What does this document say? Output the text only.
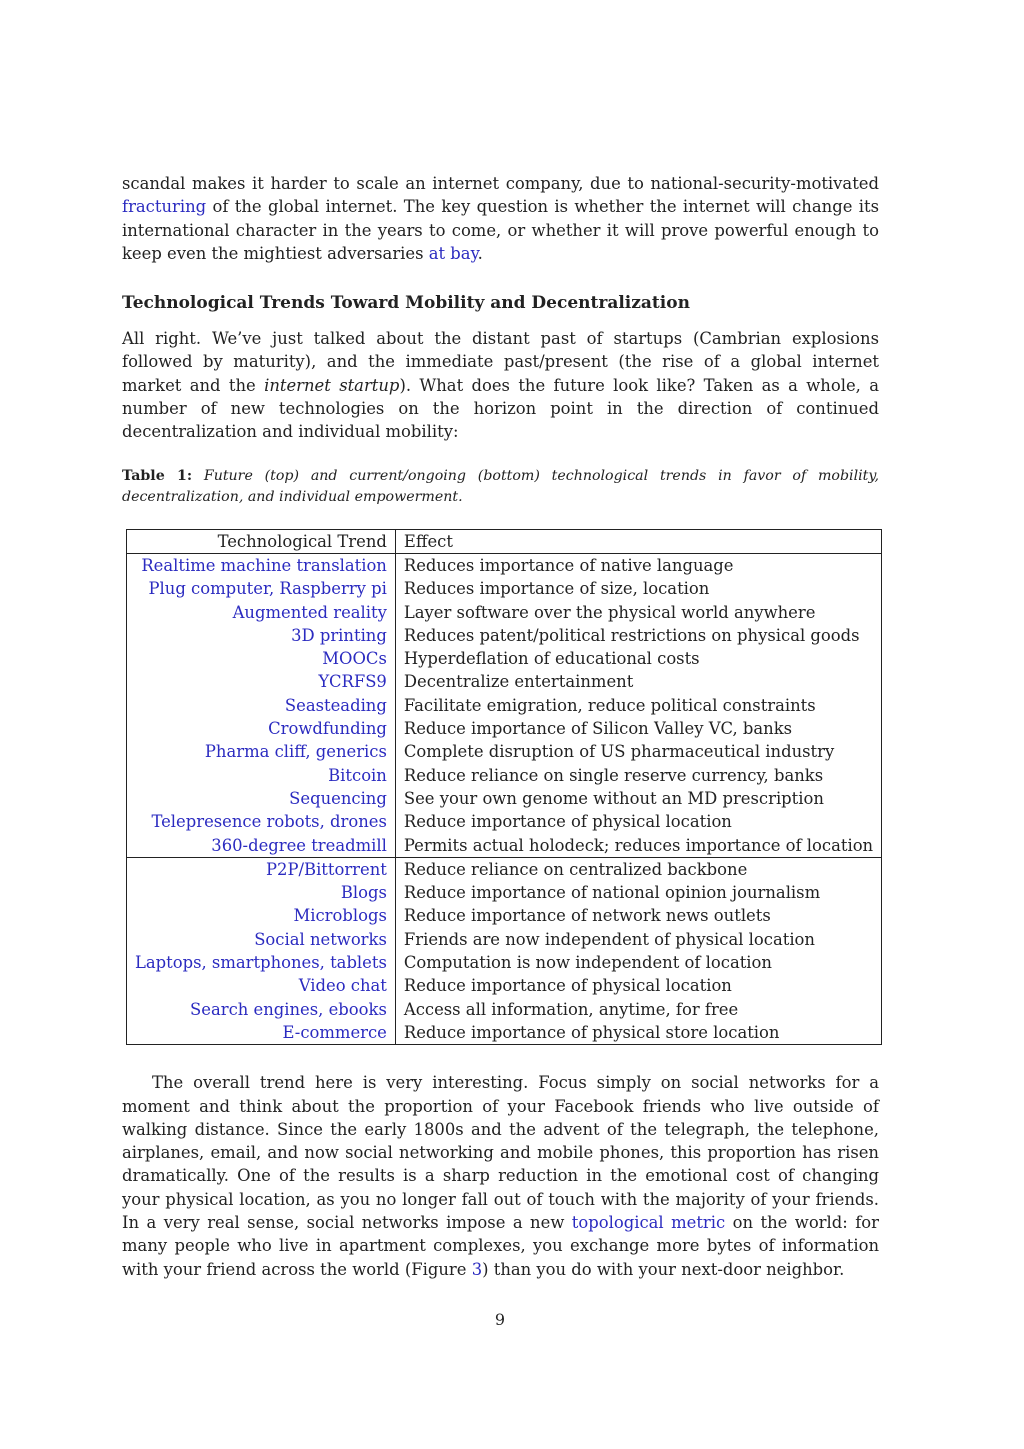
scandal makes it harder to scale an internet company, due to national-security-motivated fracturing of the global internet. The key question is whether the internet will change its international character in the years to come, or whether it will prove powerful enough to keep even the mightiest adversaries at bay.

Technological Trends Toward Mobility and Decentralization

All right. We’ve just talked about the distant past of startups (Cambrian explosions followed by maturity), and the immediate past/present (the rise of a global internet market and the internet startup). What does the future look like? Taken as a whole, a number of new technologies on the horizon point in the direction of continued decentralization and individual mobility:

Table 1: Future (top) and current/ongoing (bottom) technological trends in favor of mobility, decentralization, and individual empowerment.
Technological Trend	Effect
Realtime machine translation	Reduces importance of native language
Plug computer, Raspberry pi	Reduces importance of size, location
Augmented reality	Layer software over the physical world anywhere
3D printing	Reduces patent/political restrictions on physical goods
MOOCs	Hyperdeflation of educational costs
YCRFS9	Decentralize entertainment
Seasteading	Facilitate emigration, reduce political constraints
Crowdfunding	Reduce importance of Silicon Valley VC, banks
Pharma cliff, generics	Complete disruption of US pharmaceutical industry
Bitcoin	Reduce reliance on single reserve currency, banks
Sequencing	See your own genome without an MD prescription
Telepresence robots, drones	Reduce importance of physical location
360-degree treadmill	Permits actual holodeck; reduces importance of location
P2P/Bittorrent	Reduce reliance on centralized backbone
Blogs	Reduce importance of national opinion journalism
Microblogs	Reduce importance of network news outlets
Social networks	Friends are now independent of physical location
Laptops, smartphones, tablets	Computation is now independent of location
Video chat	Reduce importance of physical location
Search engines, ebooks	Access all information, anytime, for free
E-commerce	Reduce importance of physical store location

The overall trend here is very interesting. Focus simply on social networks for a moment and think about the proportion of your Facebook friends who live outside of walking distance. Since the early 1800s and the advent of the telegraph, the telephone, airplanes, email, and now social networking and mobile phones, this proportion has risen dramatically. One of the results is a sharp reduction in the emotional cost of changing your physical location, as you no longer fall out of touch with the majority of your friends. In a very real sense, social networks impose a new topological metric on the world: for many people who live in apartment complexes, you exchange more bytes of information with your friend across the world (Figure 3) than you do with your next-door neighbor.

9
